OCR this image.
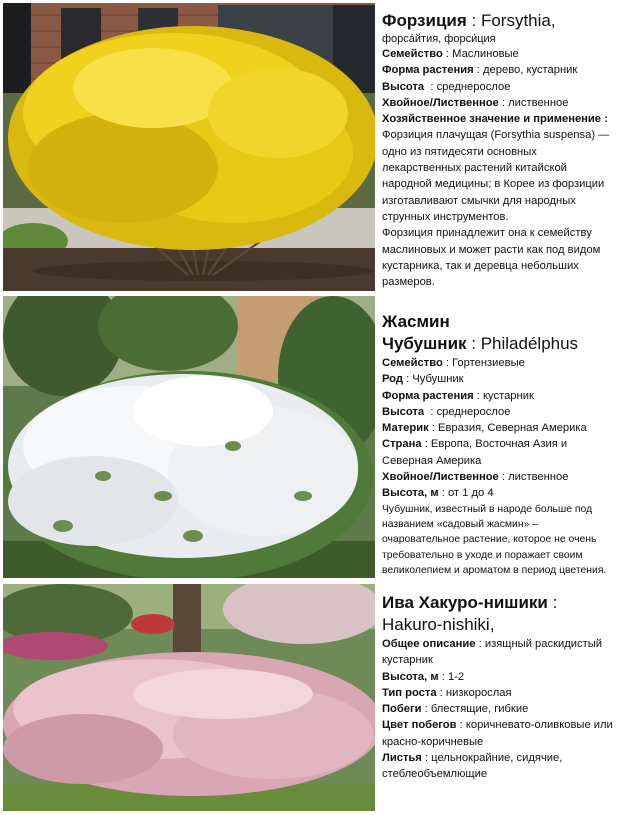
Форзиция : Forsythia,

форсáйтия, форси́ция

Семейство : Маслиновые

Форма растения : дерево, кустарник

Высота  : среднерослое

Хвойное/Лиственное : лиственное

Хозяйственное значение и применение : Форзиция плачущая (Forsythia suspensa) — одно из пятидесяти основных лекарственных растений китайской народной медицины; в Корее из форзиции изготавливают смычки для народных струнных инструментов.

Форзиция принадлежит она к семейству маслиновых и может расти как под видом кустарника, так и деревца небольших размеров.

Жасмин

Чубушник : Philadélphus

Семейство : Гортензиевые

Род : Чубушник

Форма растения : кустарник

Высота  : среднерослое

Материк : Евразия, Северная Америка

Страна : Европа, Восточная Азия и Северная Америка

Хвойное/Лиственное : лиственное

Высота, м : от 1 до 4

Чубушник, известный в народе больше под названием «садовый жасмин» – очаровательное растение, которое не очень требовательно в уходе и поражает своим великолепием и ароматом в период цветения.

Ива Хакуро-нишики :

Hakuro-nishiki,

Общее описание : изящный раскидистый кустарник

Высота, м : 1-2

Тип роста : низкорослая

Побеги : блестящие, гибкие

Цвет побегов : коричневато-оливковые или красно-коричневые

Листья : цельнокрайние, сидячие, стеблеобъемлющие
